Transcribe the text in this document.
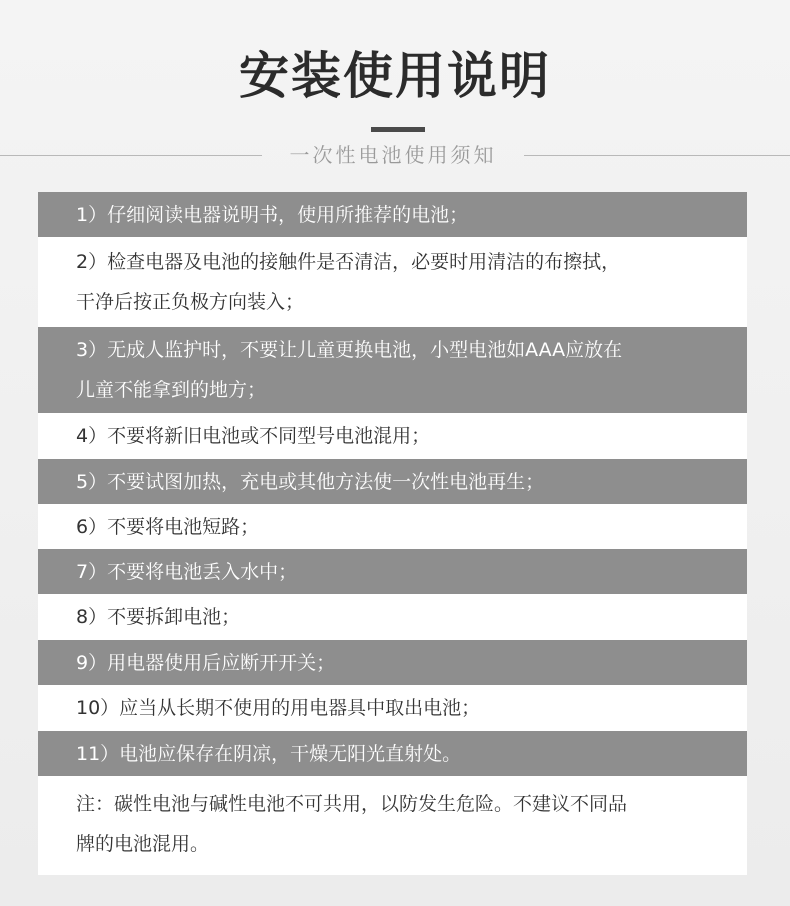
安装使用说明
一次性电池使用须知
1）仔细阅读电器说明书，使用所推荐的电池；
2）检查电器及电池的接触件是否清洁，必要时用清洁的布擦拭，
干净后按正负极方向装入；
3）无成人监护时，不要让儿童更换电池，小型电池如AAA应放在
儿童不能拿到的地方；
4）不要将新旧电池或不同型号电池混用；
5）不要试图加热，充电或其他方法使一次性电池再生；
6）不要将电池短路；
7）不要将电池丢入水中；
8）不要拆卸电池；
9）用电器使用后应断开开关；
10）应当从长期不使用的用电器具中取出电池；
11）电池应保存在阴凉，干燥无阳光直射处。
注：碳性电池与碱性电池不可共用，以防发生危险。不建议不同品
牌的电池混用。
